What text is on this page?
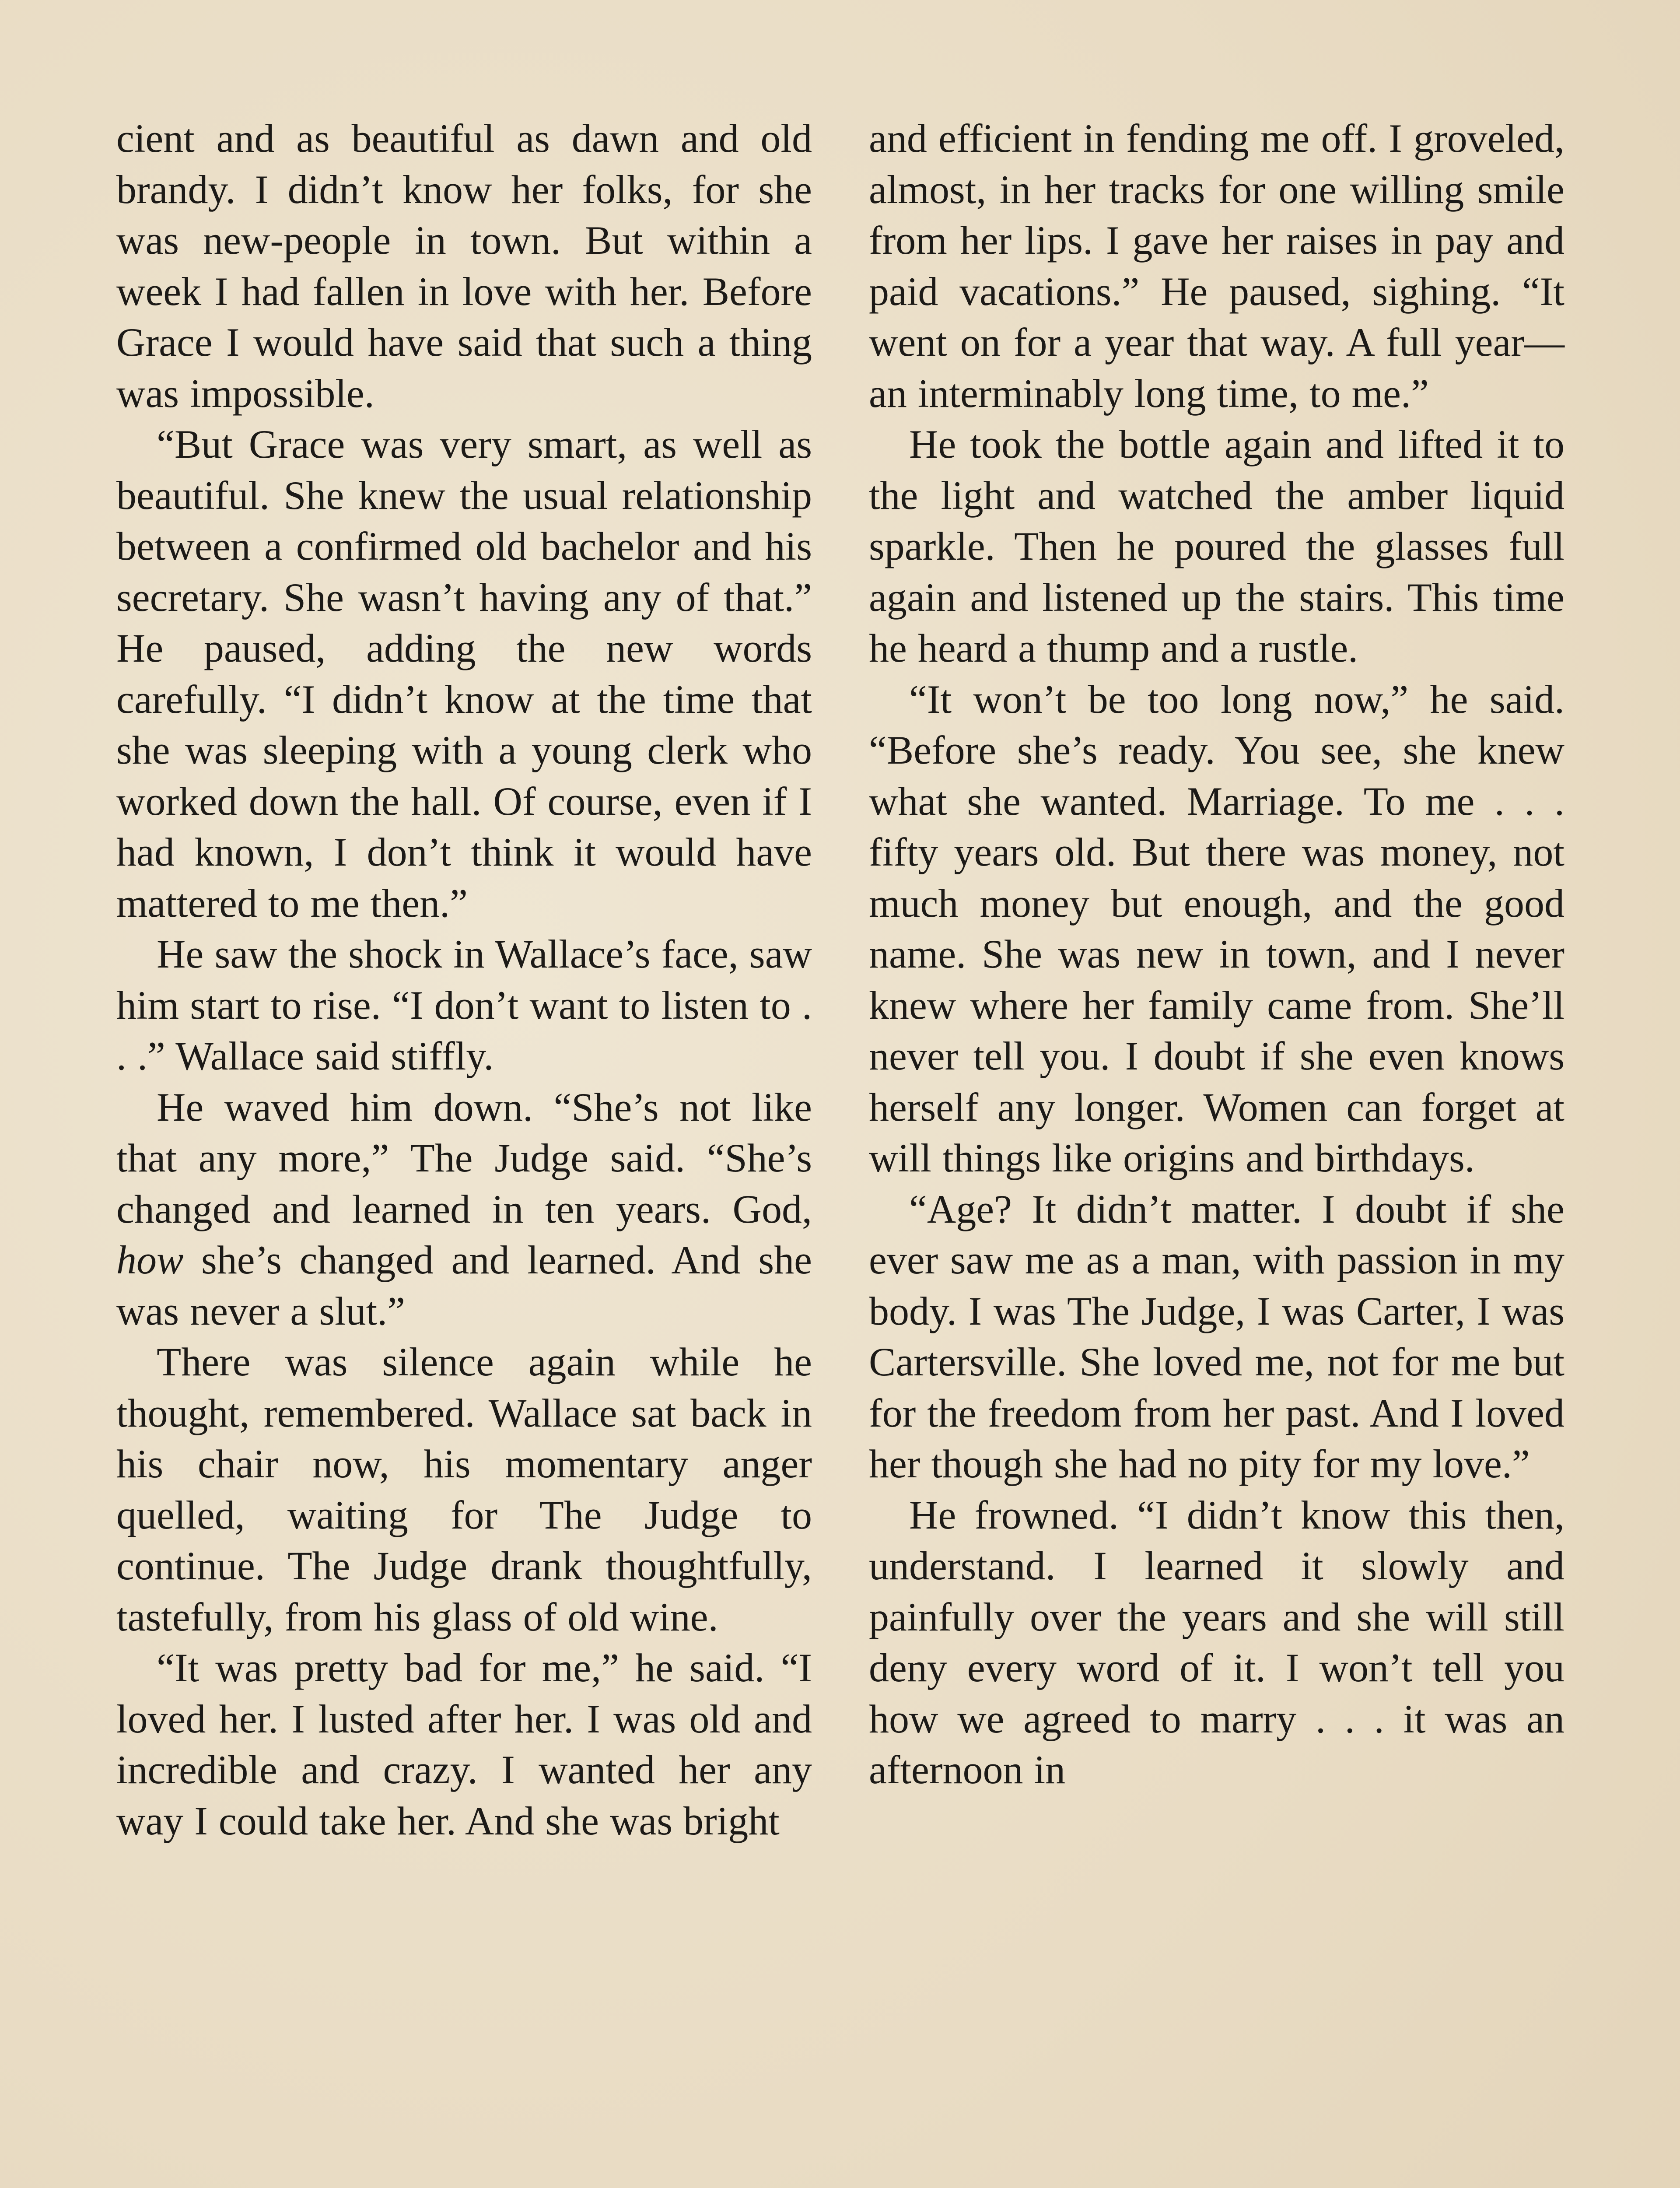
cient and as beautiful as dawn and old brandy. I didn’t know her folks, for she was new-people in town. But within a week I had fallen in love with her. Before Grace I would have said that such a thing was impossible.

“But Grace was very smart, as well as beautiful. She knew the usual relationship between a confirmed old bachelor and his secretary. She wasn’t having any of that.” He paused, adding the new words carefully. “I didn’t know at the time that she was sleeping with a young clerk who worked down the hall. Of course, even if I had known, I don’t think it would have mattered to me then.”

He saw the shock in Wallace’s face, saw him start to rise. “I don’t want to listen to . . .” Wallace said stiffly.

He waved him down. “She’s not like that any more,” The Judge said. “She’s changed and learned in ten years. God, how she’s changed and learned. And she was never a slut.”

There was silence again while he thought, remembered. Wallace sat back in his chair now, his momentary anger quelled, waiting for The Judge to continue. The Judge drank thoughtfully, tastefully, from his glass of old wine.

“It was pretty bad for me,” he said. “I loved her. I lusted after her. I was old and incredible and crazy. I wanted her any way I could take her. And she was bright

and efficient in fending me off. I groveled, almost, in her tracks for one willing smile from her lips. I gave her raises in pay and paid vacations.” He paused, sighing. “It went on for a year that way. A full year—an interminably long time, to me.”

He took the bottle again and lifted it to the light and watched the amber liquid sparkle. Then he poured the glasses full again and listened up the stairs. This time he heard a thump and a rustle.

“It won’t be too long now,” he said. “Before she’s ready. You see, she knew what she wanted. Marriage. To me . . . fifty years old. But there was money, not much money but enough, and the good name. She was new in town, and I never knew where her family came from. She’ll never tell you. I doubt if she even knows herself any longer. Women can forget at will things like origins and birthdays.

“Age? It didn’t matter. I doubt if she ever saw me as a man, with passion in my body. I was The Judge, I was Carter, I was Cartersville. She loved me, not for me but for the freedom from her past. And I loved her though she had no pity for my love.”

He frowned. “I didn’t know this then, understand. I learned it slowly and painfully over the years and she will still deny every word of it. I won’t tell you how we agreed to marry . . . it was an afternoon in
